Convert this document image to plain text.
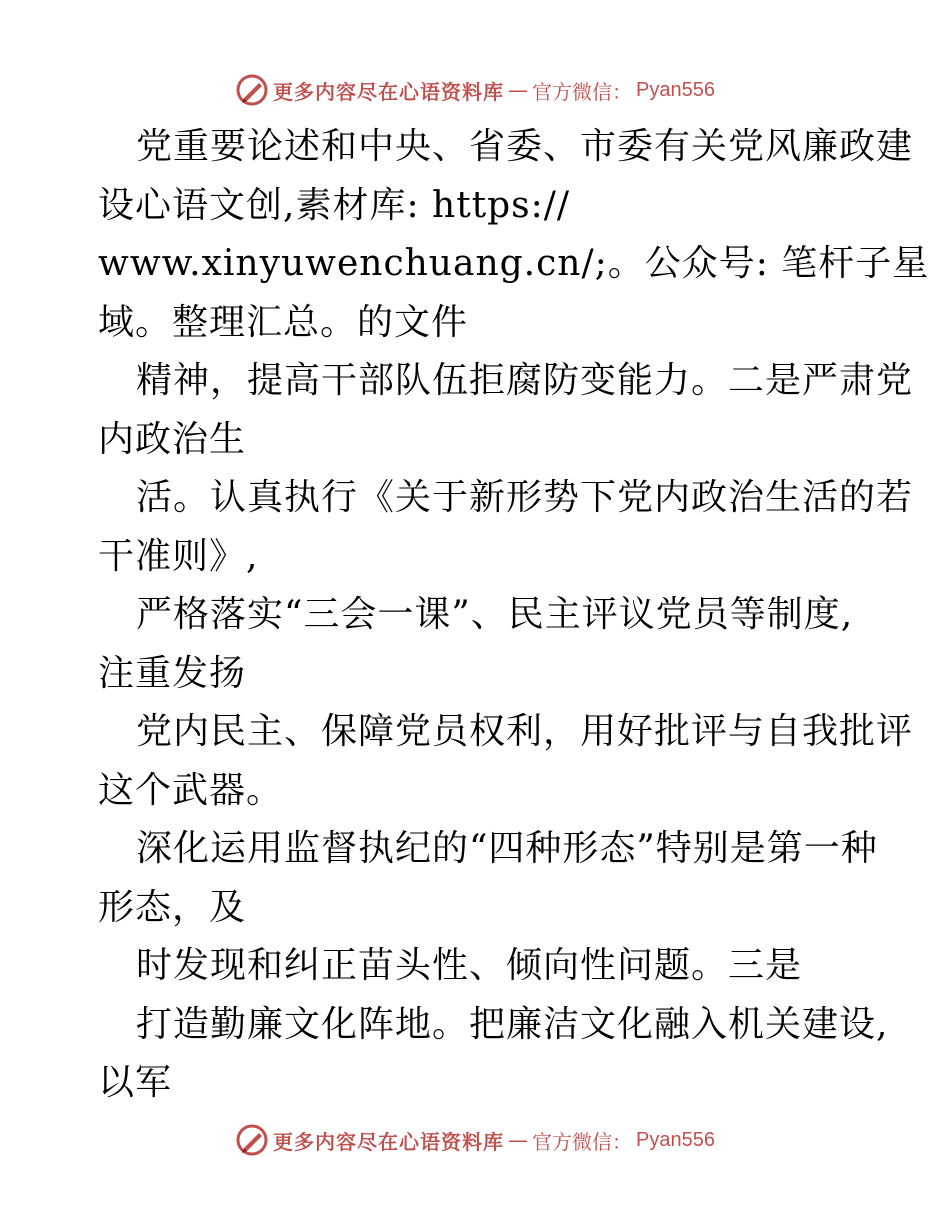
更多内容尽在心语资料库 — 官方微信： Pyan556
党重要论述和中央、省委、市委有关党风廉政建
设心语文创,素材库: https://
www.xinyuwenchuang.cn/;。公众号: 笔杆子星
域。整理汇总。的文件
精神，提高干部队伍拒腐防变能力。二是严肃党
内政治生
活。认真执行《关于新形势下党内政治生活的若
干准则》,
严格落实“三会一课”、民主评议党员等制度,
注重发扬
党内民主、保障党员权利，用好批评与自我批评
这个武器。
深化运用监督执纪的“四种形态”特别是第一种
形态，及
时发现和纠正苗头性、倾向性问题。三是
打造勤廉文化阵地。把廉洁文化融入机关建设,
以军
更多内容尽在心语资料库 — 官方微信： Pyan556
